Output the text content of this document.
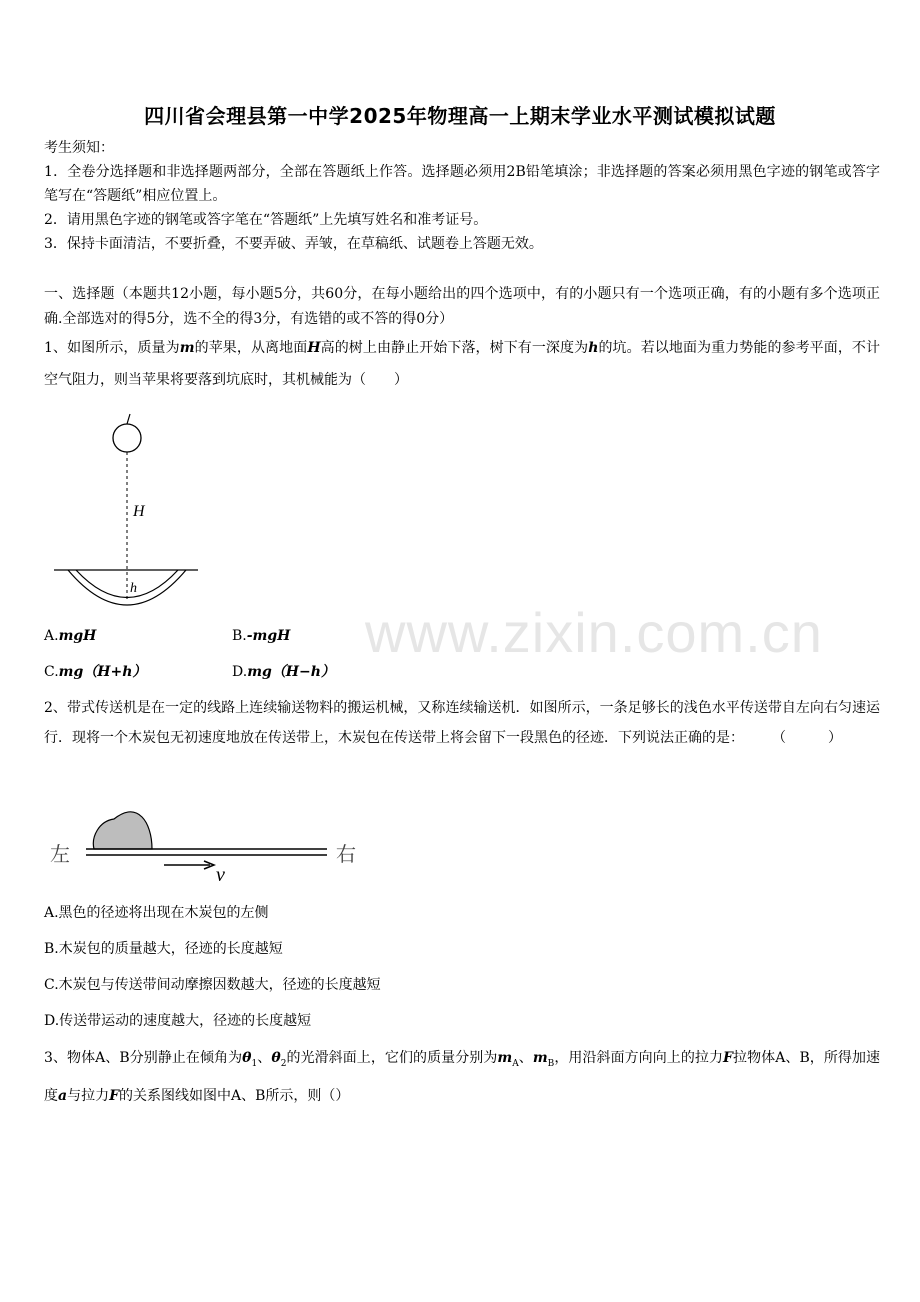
www.zixin.com.cn
四川省会理县第一中学2025年物理高一上期末学业水平测试模拟试题
考生须知：
1．全卷分选择题和非选择题两部分，全部在答题纸上作答。选择题必须用2B铅笔填涂；非选择题的答案必须用黑色字迹的钢笔或答字笔写在“答题纸”相应位置上。
2．请用黑色字迹的钢笔或答字笔在“答题纸”上先填写姓名和准考证号。
3．保持卡面清洁，不要折叠，不要弄破、弄皱，在草稿纸、试题卷上答题无效。
一、选择题（本题共12小题，每小题5分，共60分，在每小题给出的四个选项中，有的小题只有一个选项正确，有的小题有多个选项正确.全部选对的得5分，选不全的得3分，有选错的或不答的得0分）
1、如图所示，质量为m的苹果，从离地面H高的树上由静止开始下落，树下有一深度为h的坑。若以地面为重力势能的参考平面，不计空气阻力，则当苹果将要落到坑底时，其机械能为（　　）
H
h
A.mgH	B.-mgH
C.mg（H+h）	D.mg（H−h）
2、带式传送机是在一定的线路上连续输送物料的搬运机械，又称连续输送机．如图所示，一条足够长的浅色水平传送带自左向右匀速运行．现将一个木炭包无初速度地放在传送带上，木炭包在传送带上将会留下一段黑色的径迹．下列说法正确的是：　　　（　　　）
左
v
右
A.黑色的径迹将出现在木炭包的左侧
B.木炭包的质量越大，径迹的长度越短
C.木炭包与传送带间动摩擦因数越大，径迹的长度越短
D.传送带运动的速度越大，径迹的长度越短
3、物体A、B分别静止在倾角为$\theta_1$、$\theta_2$的光滑斜面上，它们的质量分别为$m_A$、$m_B$，用沿斜面方向向上的拉力F拉物体A、B，所得加速度a与拉力F的关系图线如图中A、B所示，则（）
